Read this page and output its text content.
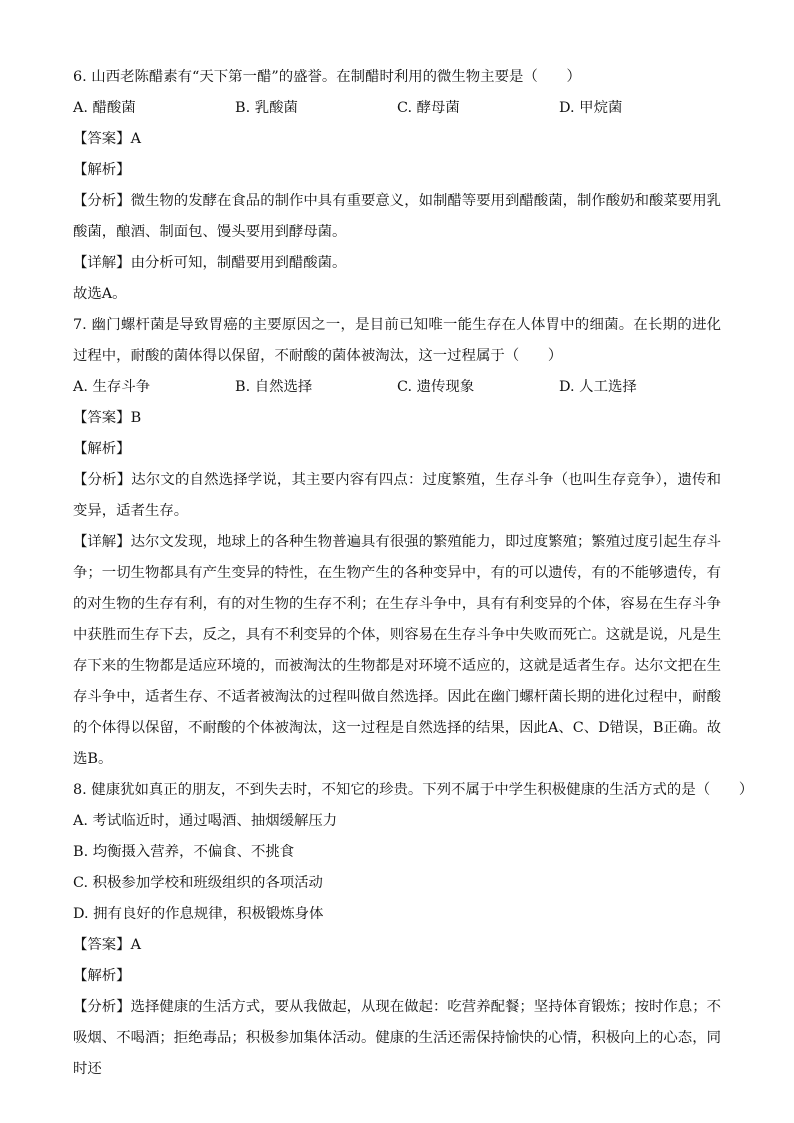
6. 山西老陈醋素有“天下第一醋”的盛誉。在制醋时利用的微生物主要是（　　）
A. 醋酸菌	B. 乳酸菌	C. 酵母菌	D. 甲烷菌
【答案】A
【解析】
【分析】微生物的发酵在食品的制作中具有重要意义，如制醋等要用到醋酸菌，制作酸奶和酸菜要用乳酸菌，酿酒、制面包、馒头要用到酵母菌。
【详解】由分析可知，制醋要用到醋酸菌。
故选A。
7. 幽门螺杆菌是导致胃癌的主要原因之一，是目前已知唯一能生存在人体胃中的细菌。在长期的进化过程中，耐酸的菌体得以保留，不耐酸的菌体被淘汰，这一过程属于（　　）
A. 生存斗争	B. 自然选择	C. 遗传现象	D. 人工选择
【答案】B
【解析】
【分析】达尔文的自然选择学说，其主要内容有四点：过度繁殖，生存斗争（也叫生存竞争），遗传和变异，适者生存。
【详解】达尔文发现，地球上的各种生物普遍具有很强的繁殖能力，即过度繁殖；繁殖过度引起生存斗争；一切生物都具有产生变异的特性，在生物产生的各种变异中，有的可以遗传，有的不能够遗传，有的对生物的生存有利，有的对生物的生存不利；在生存斗争中，具有有利变异的个体，容易在生存斗争中获胜而生存下去，反之，具有不利变异的个体，则容易在生存斗争中失败而死亡。这就是说，凡是生存下来的生物都是适应环境的，而被淘汰的生物都是对环境不适应的，这就是适者生存。达尔文把在生存斗争中，适者生存、不适者被淘汰的过程叫做自然选择。因此在幽门螺杆菌长期的进化过程中，耐酸的个体得以保留，不耐酸的个体被淘汰，这一过程是自然选择的结果，因此A、C、D错误，B正确。故选B。
8. 健康犹如真正的朋友，不到失去时，不知它的珍贵。下列不属于中学生积极健康的生活方式的是（　　）
A. 考试临近时，通过喝酒、抽烟缓解压力
B. 均衡摄入营养，不偏食、不挑食
C. 积极参加学校和班级组织的各项活动
D. 拥有良好的作息规律，积极锻炼身体
【答案】A
【解析】
【分析】选择健康的生活方式，要从我做起，从现在做起：吃营养配餐；坚持体育锻炼；按时作息；不吸烟、不喝酒；拒绝毒品；积极参加集体活动。健康的生活还需保持愉快的心情，积极向上的心态，同时还
